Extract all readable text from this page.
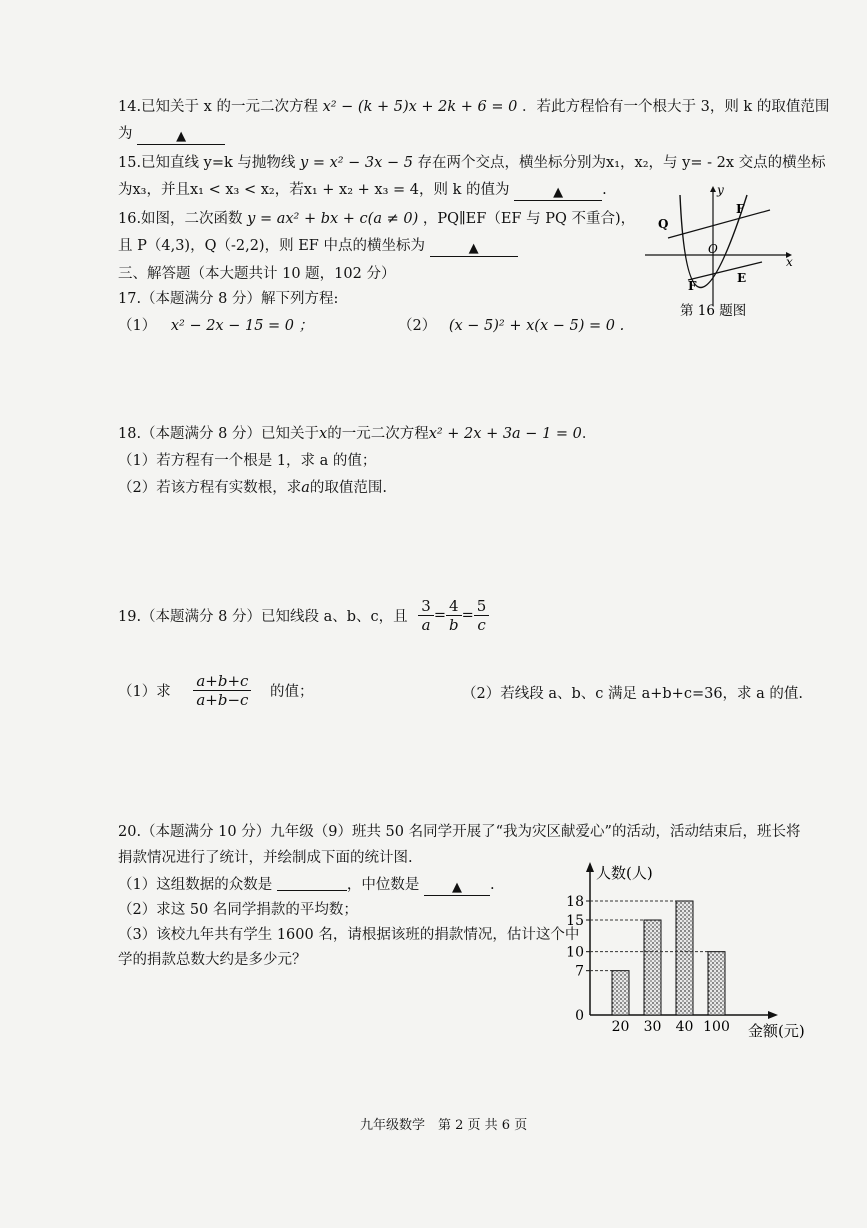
14.已知关于 x 的一元二次方程 x² − (k + 5)x + 2k + 6 = 0 ．若此方程恰有一个根大于 3，则 k 的取值范围
为	▲
15.已知直线 y=k 与抛物线 y = x² − 3x − 5 存在两个交点，横坐标分别为x₁，x₂，与 y= - 2x 交点的横坐标
为x₃，并且x₁ < x₃ < x₂，若x₁ + x₂ + x₃ = 4，则 k 的值为	▲	.
16.如图，二次函数 y = ax² + bx + c(a ≠ 0) ，PQ∥EF（EF 与 PQ 不重合)，
且 P（4,3)，Q（-2,2)，则 EF 中点的横坐标为	▲
y
x
O
Q
F
F
E
第 16 题图
三、解答题（本大题共计 10 题，102 分）
17.（本题满分 8 分）解下列方程:
（1） x² − 2x − 15 = 0 ；	（2） (x − 5)² + x(x − 5) = 0 .
18.（本题满分 8 分）已知关于x的一元二次方程x² + 2x + 3a − 1 = 0．
（1）若方程有一个根是 1，求 a 的值；
（2）若该方程有实数根，求a的取值范围.
19.（本题满分 8 分）已知线段 a、b、c，且 $\frac{3}{a} = \frac{4}{b} = \frac{5}{c}$
（1）求 $\frac{a+b+c}{a+b-c}$ 的值；	（2）若线段 a、b、c 满足 a+b+c=36，求 a 的值.
20.（本题满分 10 分）九年级（9）班共 50 名同学开展了“我为灾区献爱心”的活动，活动结束后，班长将
捐款情况进行了统计，并绘制成下面的统计图.
（1）这组数据的众数是	，中位数是	▲ .
（2）求这 50 名同学捐款的平均数；
（3）该校九年共有学生 1600 名，请根据该班的捐款情况，估计这个中
学的捐款总数大约是多少元？
人数(人)
金额(元)
0
7
10
15
18
20 30 40 100
九年级数学　第 2 页 共 6 页
